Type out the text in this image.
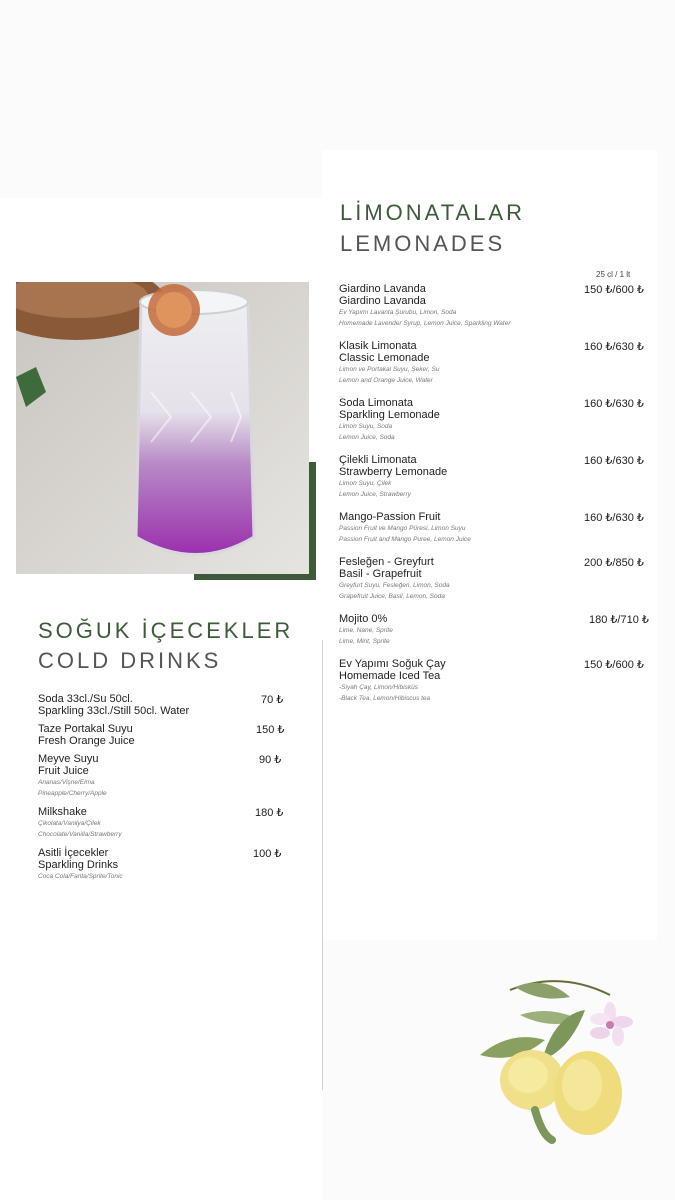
LİMONATALAR
LEMONADES
25 cl / 1 lt
Giardino Lavanda
Giardino Lavanda
Ev Yapımı Lavanta Şurubu, Limon, Soda
Homemade Lavender Syrup, Lemon Juice, Sparkling Water
150 ₺/600 ₺
Klasik Limonata
Classic Lemonade
Limon ve Portakal Suyu, Şeker, Su
Lemon and Orange Juice, Water
160 ₺/630 ₺
Soda Limonata
Sparkling Lemonade
Limon Suyu, Soda
Lemon Juice, Soda
160 ₺/630 ₺
Çilekli Limonata
Strawberry Lemonade
Limon Suyu, Çilek
Lemon Juice, Strawberry
160 ₺/630 ₺
Mango-Passion Fruit
Passion Fruit ve Mango Püresi, Limon Suyu
Passion Fruit and Mango Puree, Lemon Juice
160 ₺/630 ₺
Fesleğen - Greyfurt
Basil - Grapefruit
Greyfurt Suyu, Fesleğen, Limon, Soda
Grapefruit Juice, Basil, Lemon, Soda
200 ₺/850 ₺
Mojito 0%
Lime, Nane, Sprite
Lime, Mint, Sprite
180 ₺/710 ₺
Ev Yapımı Soğuk Çay
Homemade Iced Tea
-Siyah Çay, Limon/Hibisküs
-Black Tea, Lemon/Hibiscus tea
150 ₺/600 ₺
SOĞUK İÇECEKLER
COLD DRINKS
Soda 33cl./Su 50cl.
Sparkling 33cl./Still 50cl. Water
70 ₺
Taze Portakal Suyu
Fresh Orange Juice
150 ₺
Meyve Suyu
Fruit Juice
Ananas/Vişne/Elma
Pineapple/Cherry/Apple
90 ₺
Milkshake
Çikolata/Vanilya/Çilek
Chocolate/Vanilla/Strawberry
180 ₺
Asitli İçecekler
Sparkling Drinks
Coca Cola/Fanta/Sprite/Tonic
100 ₺
